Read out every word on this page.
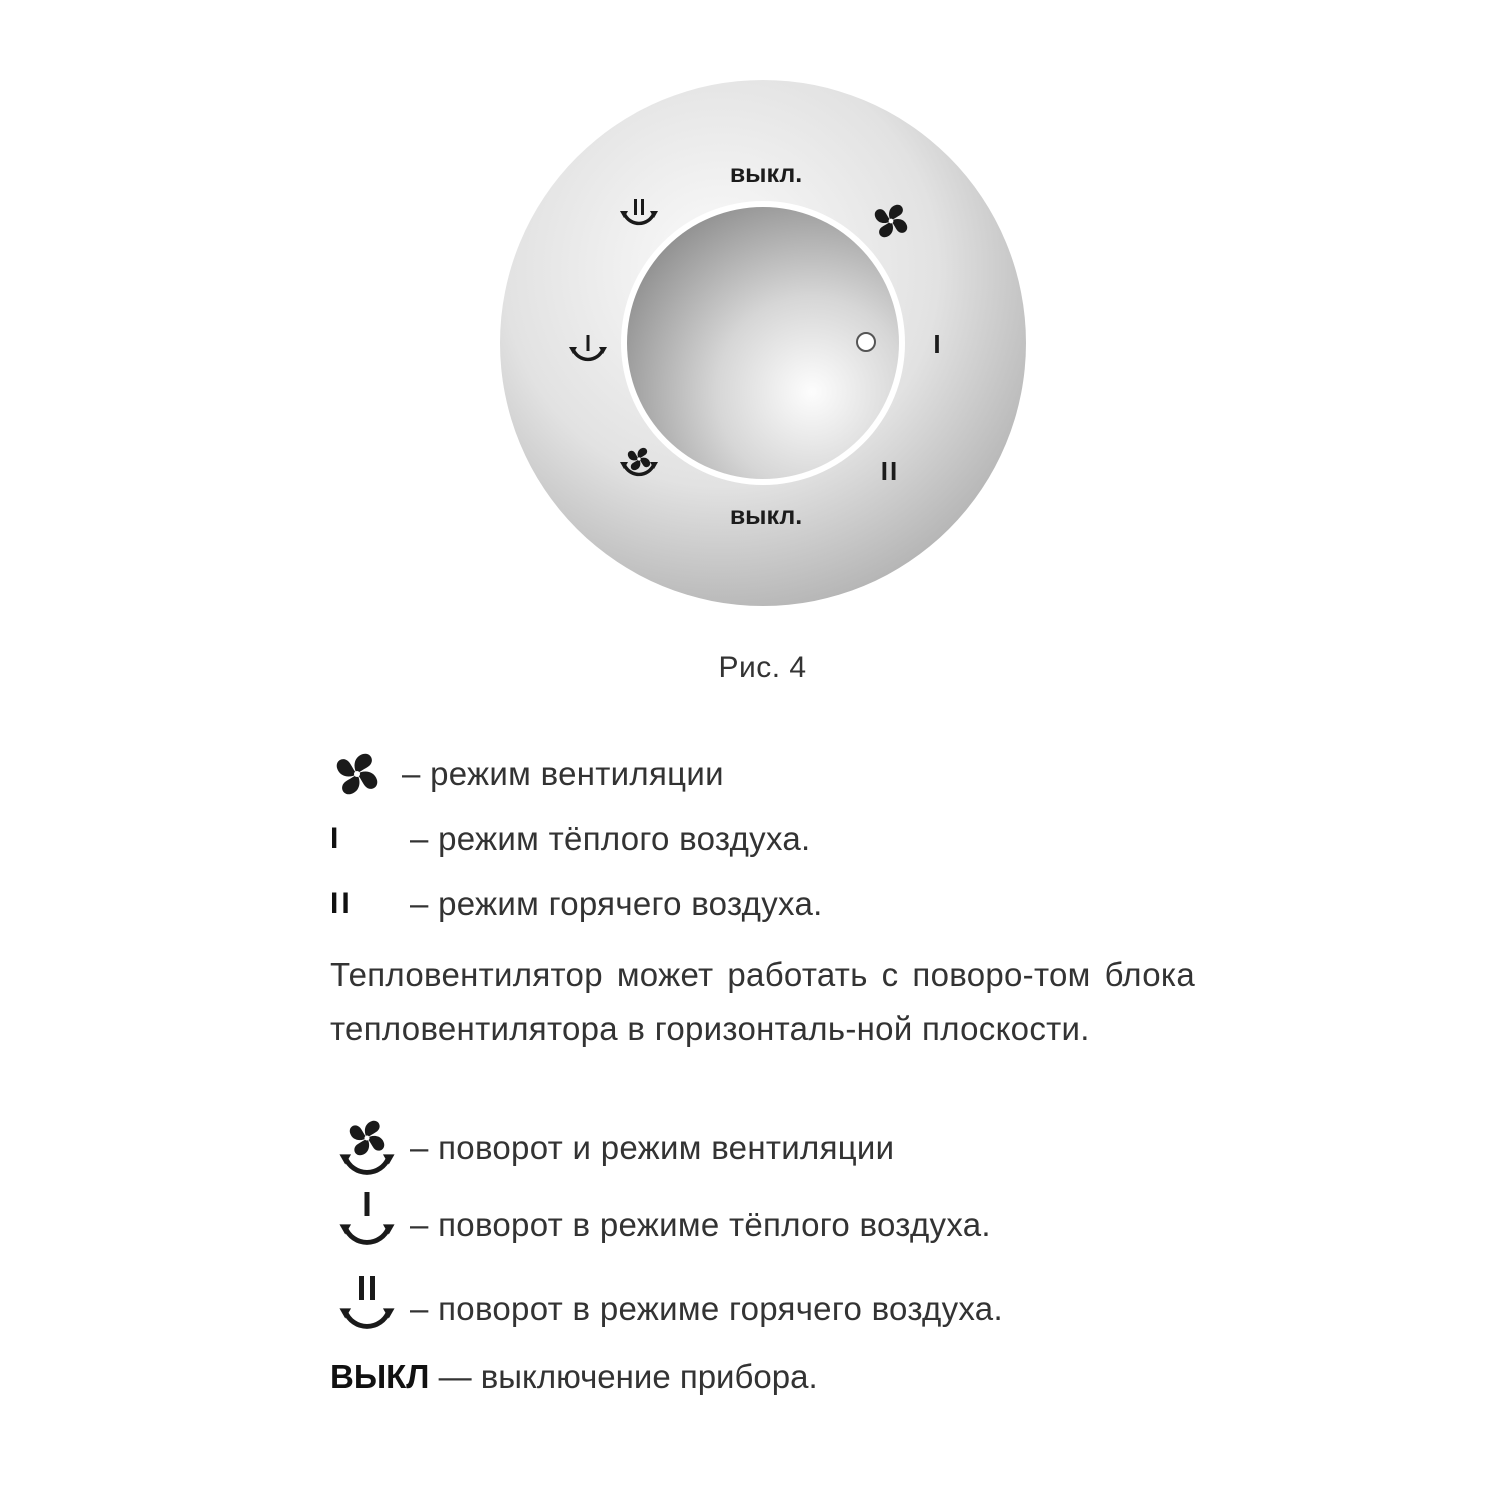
выкл.
выкл.
I
II
Рис. 4
– режим вентиляции
I – режим тёплого воздуха.
II – режим горячего воздуха.
Тепловентилятор может работать с поворо-том блока тепловентилятора в горизонталь-ной плоскости.
– поворот и режим вентиляции
– поворот в режиме тёплого воздуха.
– поворот в режиме горячего воздуха.
ВЫКЛ — выключение прибора.
